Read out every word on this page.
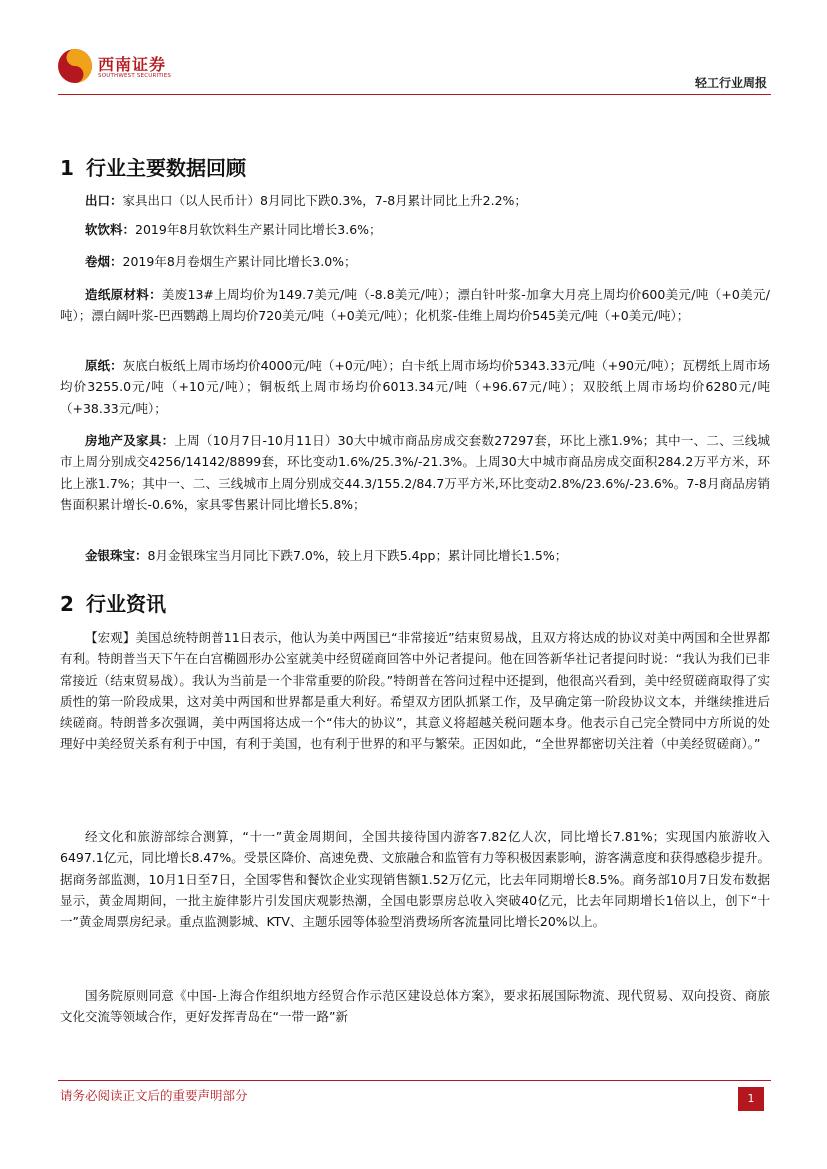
西南证券
SOUTHWEST SECURITIES	轻工行业周报
1 行业主要数据回顾
出口：家具出口（以人民币计）8月同比下跌0.3%，7-8月累计同比上升2.2%；
软饮料：2019年8月软饮料生产累计同比增长3.6%；
卷烟：2019年8月卷烟生产累计同比增长3.0%；
造纸原材料：美废13#上周均价为149.7美元/吨（-8.8美元/吨）；漂白针叶浆-加拿大月亮上周均价600美元/吨（+0美元/吨）；漂白阔叶浆-巴西鹦鹉上周均价720美元/吨（+0美元/吨）；化机浆-佳维上周均价545美元/吨（+0美元/吨）；
原纸：灰底白板纸上周市场均价4000元/吨（+0元/吨）；白卡纸上周市场均价5343.33元/吨（+90元/吨）；瓦楞纸上周市场均价3255.0元/吨（+10元/吨）；铜板纸上周市场均价6013.34元/吨（+96.67元/吨）；双胶纸上周市场均价6280元/吨（+38.33元/吨）；
房地产及家具：上周（10月7日-10月11日）30大中城市商品房成交套数27297套，环比上涨1.9%；其中一、二、三线城市上周分别成交4256/14142/8899套，环比变动1.6%/25.3%/-21.3%。上周30大中城市商品房成交面积284.2万平方米，环比上涨1.7%；其中一、二、三线城市上周分别成交44.3/155.2/84.7万平方米,环比变动2.8%/23.6%/-23.6%。7-8月商品房销售面积累计增长-0.6%，家具零售累计同比增长5.8%；
金银珠宝：8月金银珠宝当月同比下跌7.0%，较上月下跌5.4pp；累计同比增长1.5%；
2 行业资讯
【宏观】美国总统特朗普11日表示，他认为美中两国已“非常接近”结束贸易战，且双方将达成的协议对美中两国和全世界都有利。特朗普当天下午在白宫椭圆形办公室就美中经贸磋商回答中外记者提问。他在回答新华社记者提问时说：“我认为我们已非常接近（结束贸易战）。我认为当前是一个非常重要的阶段。”特朗普在答问过程中还提到，他很高兴看到，美中经贸磋商取得了实质性的第一阶段成果，这对美中两国和世界都是重大利好。希望双方团队抓紧工作，及早确定第一阶段协议文本，并继续推进后续磋商。特朗普多次强调，美中两国将达成一个“伟大的协议”，其意义将超越关税问题本身。他表示自己完全赞同中方所说的处理好中美经贸关系有利于中国，有利于美国，也有利于世界的和平与繁荣。正因如此，“全世界都密切关注着（中美经贸磋商）。”
经文化和旅游部综合测算，“十一”黄金周期间，全国共接待国内游客7.82亿人次，同比增长7.81%；实现国内旅游收入6497.1亿元，同比增长8.47%。受景区降价、高速免费、文旅融合和监管有力等积极因素影响，游客满意度和获得感稳步提升。据商务部监测，10月1日至7日，全国零售和餐饮企业实现销售额1.52万亿元，比去年同期增长8.5%。商务部10月7日发布数据显示，黄金周期间，一批主旋律影片引发国庆观影热潮，全国电影票房总收入突破40亿元，比去年同期增长1倍以上，创下“十一”黄金周票房纪录。重点监测影城、KTV、主题乐园等体验型消费场所客流量同比增长20%以上。
国务院原则同意《中国-上海合作组织地方经贸合作示范区建设总体方案》，要求拓展国际物流、现代贸易、双向投资、商旅文化交流等领域合作，更好发挥青岛在“一带一路”新
请务必阅读正文后的重要声明部分	1
